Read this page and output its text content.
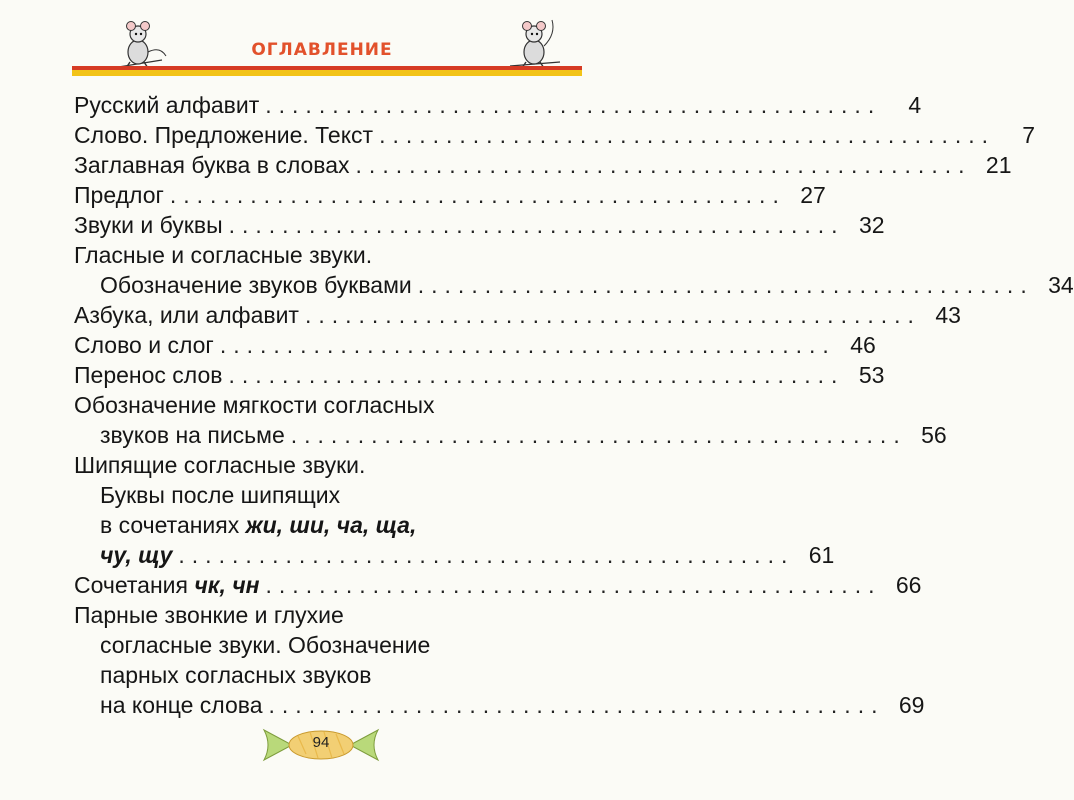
ОГЛАВЛЕНИЕ
Русский алфавит ..............................................	4
Слово. Предложение. Текст ..............................................	7
Заглавная буква в словах .............................................. 21
Предлог .............................................. 27
Звуки и буквы .............................................. 32
Гласные и согласные звуки.
Обозначение звуков буквами .............................................. 34
Азбука, или алфавит .............................................. 43
Слово и слог .............................................. 46
Перенос слов .............................................. 53
Обозначение мягкости согласных
звуков на письме .............................................. 56
Шипящие согласные звуки.
Буквы после шипящих
в сочетаниях жи, ши, ча, ща,
чу, щу .............................................. 61
Сочетания чк, чн .............................................. 66
Парные звонкие и глухие
согласные звуки. Обозначение
парных согласных звуков
на конце слова .............................................. 69
94
